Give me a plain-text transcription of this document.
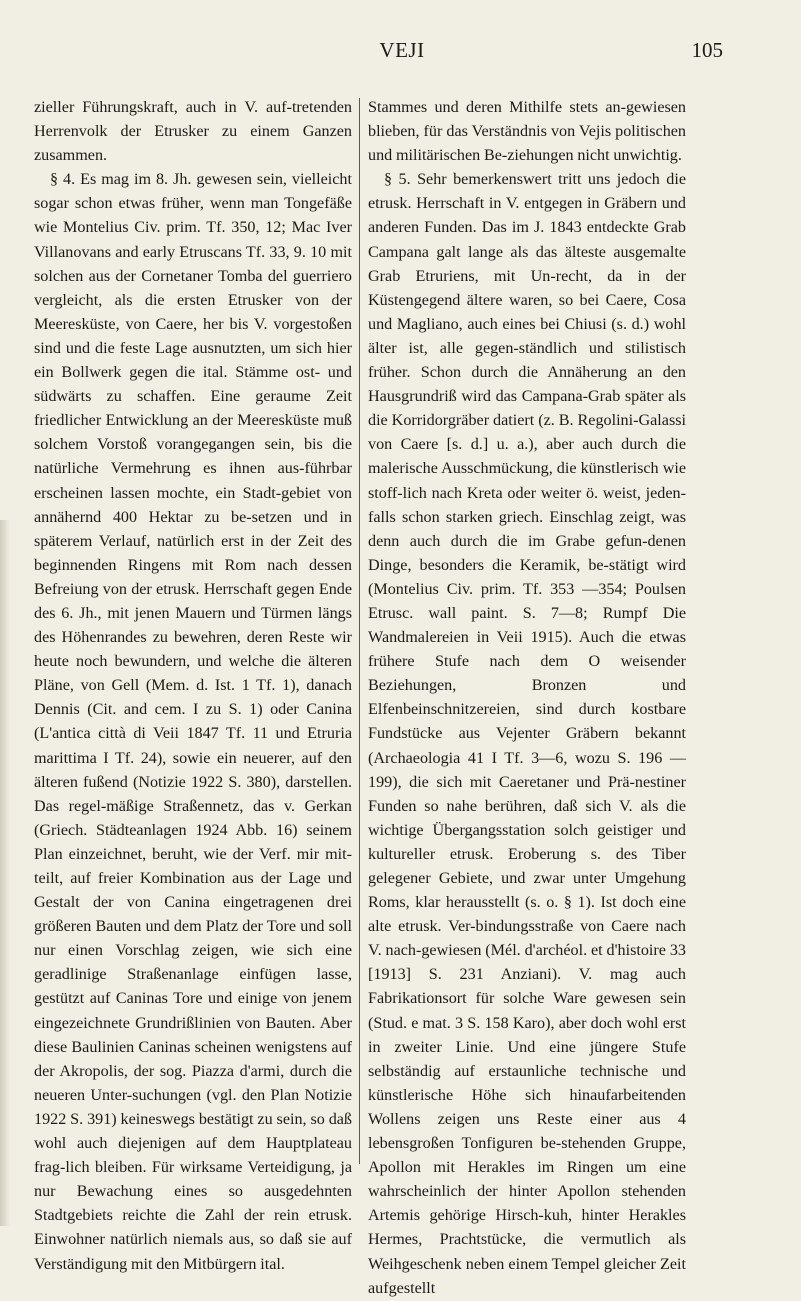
VEJI	105

zieller Führungskraft, auch in V. auf-tretenden Herrenvolk der Etrusker zu einem Ganzen zusammen.

§ 4. Es mag im 8. Jh. gewesen sein, vielleicht sogar schon etwas früher, wenn man Tongefäße wie Montelius Civ. prim. Tf. 350, 12; Mac Iver Villanovans and early Etruscans Tf. 33, 9. 10 mit solchen aus der Cornetaner Tomba del guerriero vergleicht, als die ersten Etrusker von der Meeresküste, von Caere, her bis V. vorgestoßen sind und die feste Lage ausnutzten, um sich hier ein Bollwerk gegen die ital. Stämme ost- und südwärts zu schaffen. Eine geraume Zeit friedlicher Entwicklung an der Meeresküste muß solchem Vorstoß vorangegangen sein, bis die natürliche Vermehrung es ihnen aus-führbar erscheinen lassen mochte, ein Stadt-gebiet von annähernd 400 Hektar zu be-setzen und in späterem Verlauf, natürlich erst in der Zeit des beginnenden Ringens mit Rom nach dessen Befreiung von der etrusk. Herrschaft gegen Ende des 6. Jh., mit jenen Mauern und Türmen längs des Höhenrandes zu bewehren, deren Reste wir heute noch bewundern, und welche die älteren Pläne, von Gell (Mem. d. Ist. 1 Tf. 1), danach Dennis (Cit. and cem. I zu S. 1) oder Canina (L'antica città di Veii 1847 Tf. 11 und Etruria marittima I Tf. 24), sowie ein neuerer, auf den älteren fußend (Notizie 1922 S. 380), darstellen. Das regel-mäßige Straßennetz, das v. Gerkan (Griech. Städteanlagen 1924 Abb. 16) seinem Plan einzeichnet, beruht, wie der Verf. mir mit-teilt, auf freier Kombination aus der Lage und Gestalt der von Canina eingetragenen drei größeren Bauten und dem Platz der Tore und soll nur einen Vorschlag zeigen, wie sich eine geradlinige Straßenanlage einfügen lasse, gestützt auf Caninas Tore und einige von jenem eingezeichnete Grundrißlinien von Bauten. Aber diese Baulinien Caninas scheinen wenigstens auf der Akropolis, der sog. Piazza d'armi, durch die neueren Unter-suchungen (vgl. den Plan Notizie 1922 S. 391) keineswegs bestätigt zu sein, so daß wohl auch diejenigen auf dem Hauptplateau frag-lich bleiben. Für wirksame Verteidigung, ja nur Bewachung eines so ausgedehnten Stadtgebiets reichte die Zahl der rein etrusk. Einwohner natürlich niemals aus, so daß sie auf Verständigung mit den Mitbürgern ital.

Stammes und deren Mithilfe stets an-gewiesen blieben, für das Verständnis von Vejis politischen und militärischen Be-ziehungen nicht unwichtig.

§ 5. Sehr bemerkenswert tritt uns jedoch die etrusk. Herrschaft in V. entgegen in Gräbern und anderen Funden. Das im J. 1843 entdeckte Grab Campana galt lange als das älteste ausgemalte Grab Etruriens, mit Un-recht, da in der Küstengegend ältere waren, so bei Caere, Cosa und Magliano, auch eines bei Chiusi (s. d.) wohl älter ist, alle gegen-ständlich und stilistisch früher. Schon durch die Annäherung an den Hausgrundriß wird das Campana-Grab später als die Korridorgräber datiert (z. B. Regolini-Galassi von Caere [s. d.] u. a.), aber auch durch die malerische Ausschmückung, die künstlerisch wie stoff-lich nach Kreta oder weiter ö. weist, jeden-falls schon starken griech. Einschlag zeigt, was denn auch durch die im Grabe gefun-denen Dinge, besonders die Keramik, be-stätigt wird (Montelius Civ. prim. Tf. 353 —354; Poulsen Etrusc. wall paint. S. 7—8; Rumpf Die Wandmalereien in Veii 1915). Auch die etwas frühere Stufe nach dem O weisender Beziehungen, Bronzen und Elfenbeinschnitzereien, sind durch kostbare Fundstücke aus Vejenter Gräbern bekannt (Archaeologia 41 I Tf. 3—6, wozu S. 196 —199), die sich mit Caeretaner und Prä-nestiner Funden so nahe berühren, daß sich V. als die wichtige Übergangsstation solch geistiger und kultureller etrusk. Eroberung s. des Tiber gelegener Gebiete, und zwar unter Umgehung Roms, klar herausstellt (s. o. § 1). Ist doch eine alte etrusk. Ver-bindungsstraße von Caere nach V. nach-gewiesen (Mél. d'archéol. et d'histoire 33 [1913] S. 231 Anziani). V. mag auch Fabrikationsort für solche Ware gewesen sein (Stud. e mat. 3 S. 158 Karo), aber doch wohl erst in zweiter Linie. Und eine jüngere Stufe selbständig auf erstaunliche technische und künstlerische Höhe sich hinaufarbeitenden Wollens zeigen uns Reste einer aus 4 lebensgroßen Tonfiguren be-stehenden Gruppe, Apollon mit Herakles im Ringen um eine wahrscheinlich der hinter Apollon stehenden Artemis gehörige Hirsch-kuh, hinter Herakles Hermes, Prachtstücke, die vermutlich als Weihgeschenk neben einem Tempel gleicher Zeit aufgestellt
